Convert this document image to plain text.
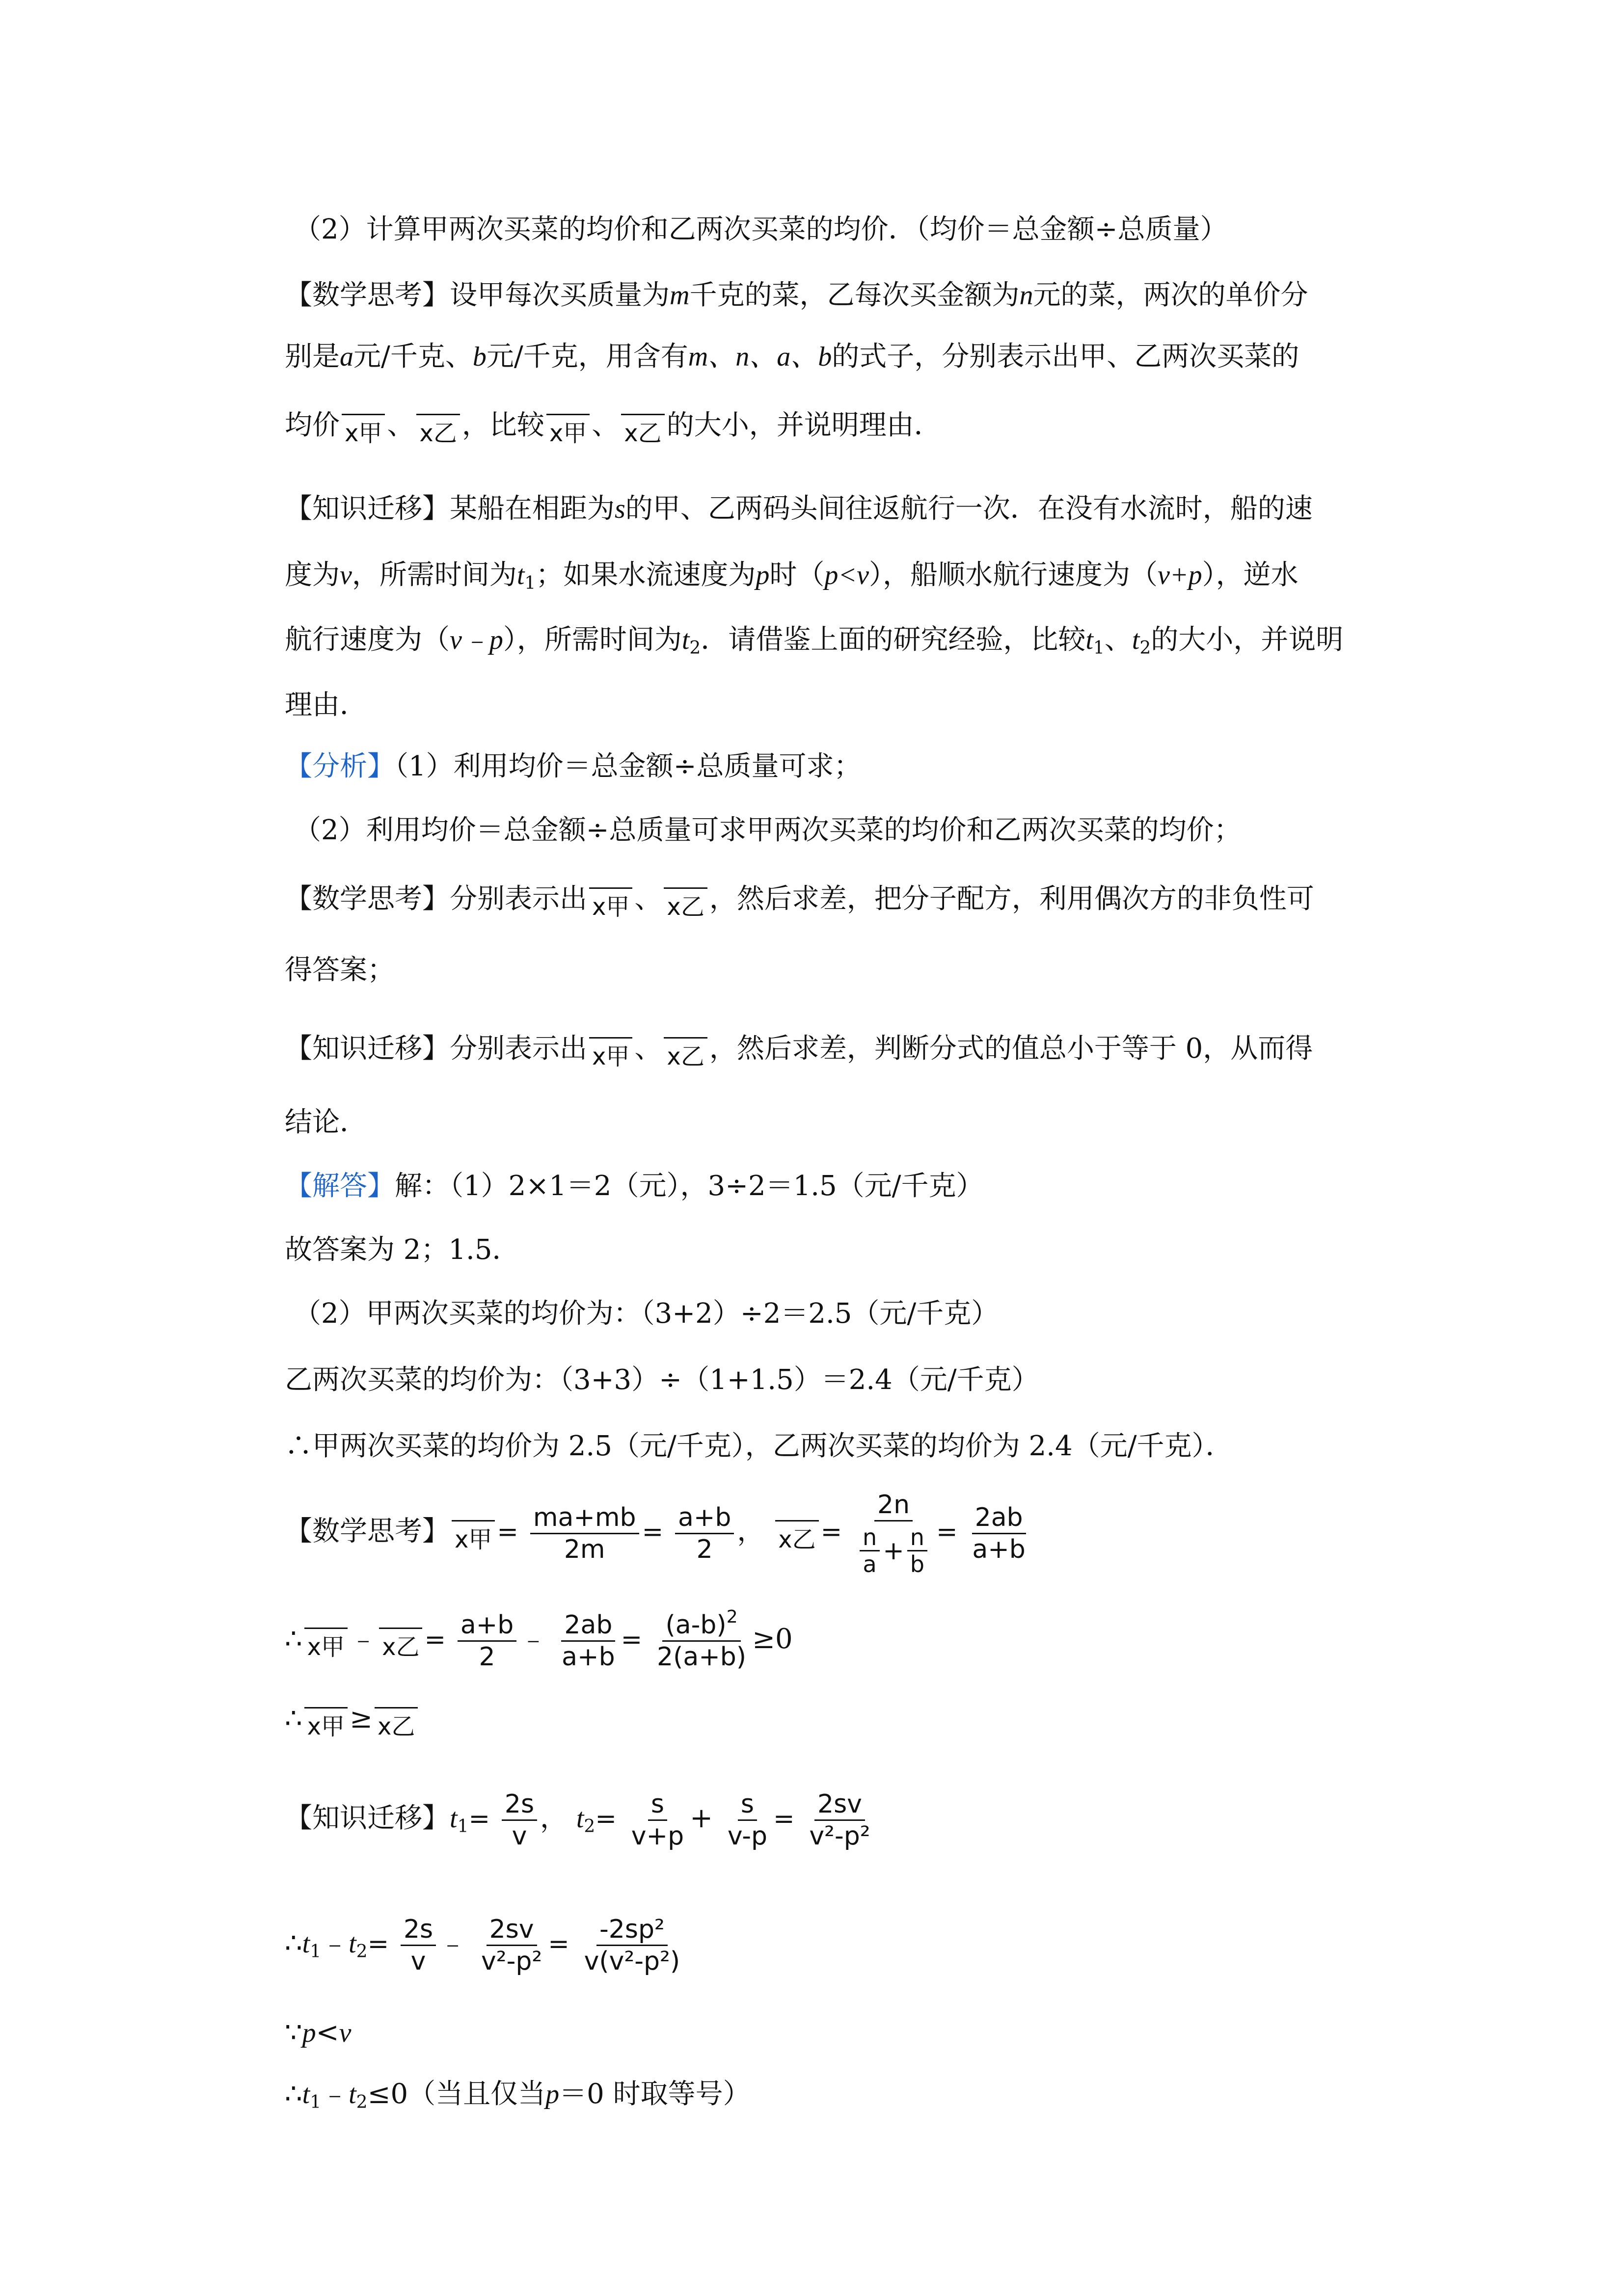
（2）计算甲两次买菜的均价和乙两次买菜的均价．（均价＝总金额÷总质量）
【数学思考】设甲每次买质量为m千克的菜，乙每次买金额为n元的菜，两次的单价分
别是a元/千克、b元/千克，用含有m、n、a、b的式子，分别表示出甲、乙两次买菜的
均价 x甲 、 x乙 ，比较 x甲 、 x乙 的大小，并说明理由．
【知识迁移】某船在相距为s的甲、乙两码头间往返航行一次．在没有水流时，船的速
度为v，所需时间为$t_1$；如果水流速度为p时（p<v），船顺水航行速度为（v+p），逆水
航行速度为（v﹣p），所需时间为$t_2$．请借鉴上面的研究经验，比较$t_1$、$t_2$的大小，并说明
理由．
【分析】（1）利用均价＝总金额÷总质量可求；
（2）利用均价＝总金额÷总质量可求甲两次买菜的均价和乙两次买菜的均价；
【数学思考】分别表示出 x甲 、 x乙 ，然后求差，把分子配方，利用偶次方的非负性可
得答案；
【知识迁移】分别表示出 x甲 、 x乙 ，然后求差，判断分式的值总小于等于 0，从而得
结论．
【解答】解：（1）2×1＝2（元），3÷2＝1.5（元/千克）
故答案为 2；1.5．
（2）甲两次买菜的均价为：（3+2）÷2＝2.5（元/千克）
乙两次买菜的均价为：（3+3）÷（1+1.5）＝2.4（元/千克）
∴甲两次买菜的均价为 2.5（元/千克），乙两次买菜的均价为 2.4（元/千克）．
【数学思考】 x甲 = $\frac{ma+mb}{2m} = \frac{a+b}{2}$ ， x乙 = $\frac{2n}{\frac{n}{a} + \frac{n}{b}} = \frac{2ab}{a+b}$
∴ x甲 ﹣ x乙 = $\frac{a+b}{2}$ ﹣ $\frac{2ab}{a+b} = \frac{(a-b)^2}{2(a+b)} \ge 0$
∴ x甲 ≥ x乙
【知识迁移】$t_1= \frac{2s}{v}$ ， $t_2= \frac{s}{v+p} + \frac{s}{v-p} = \frac{2sv}{\text{v²-p²}}$
$\therefore t_1﹣t_2= \frac{2s}{v}$ ﹣ $\frac{2sv}{\text{v²-p²}} = \frac{\text{-2sp²}}{\text{v(v²-p²)}}$
∵p<v
$\therefore t_1﹣t_2\le 0$（当且仅当p＝0 时取等号）
